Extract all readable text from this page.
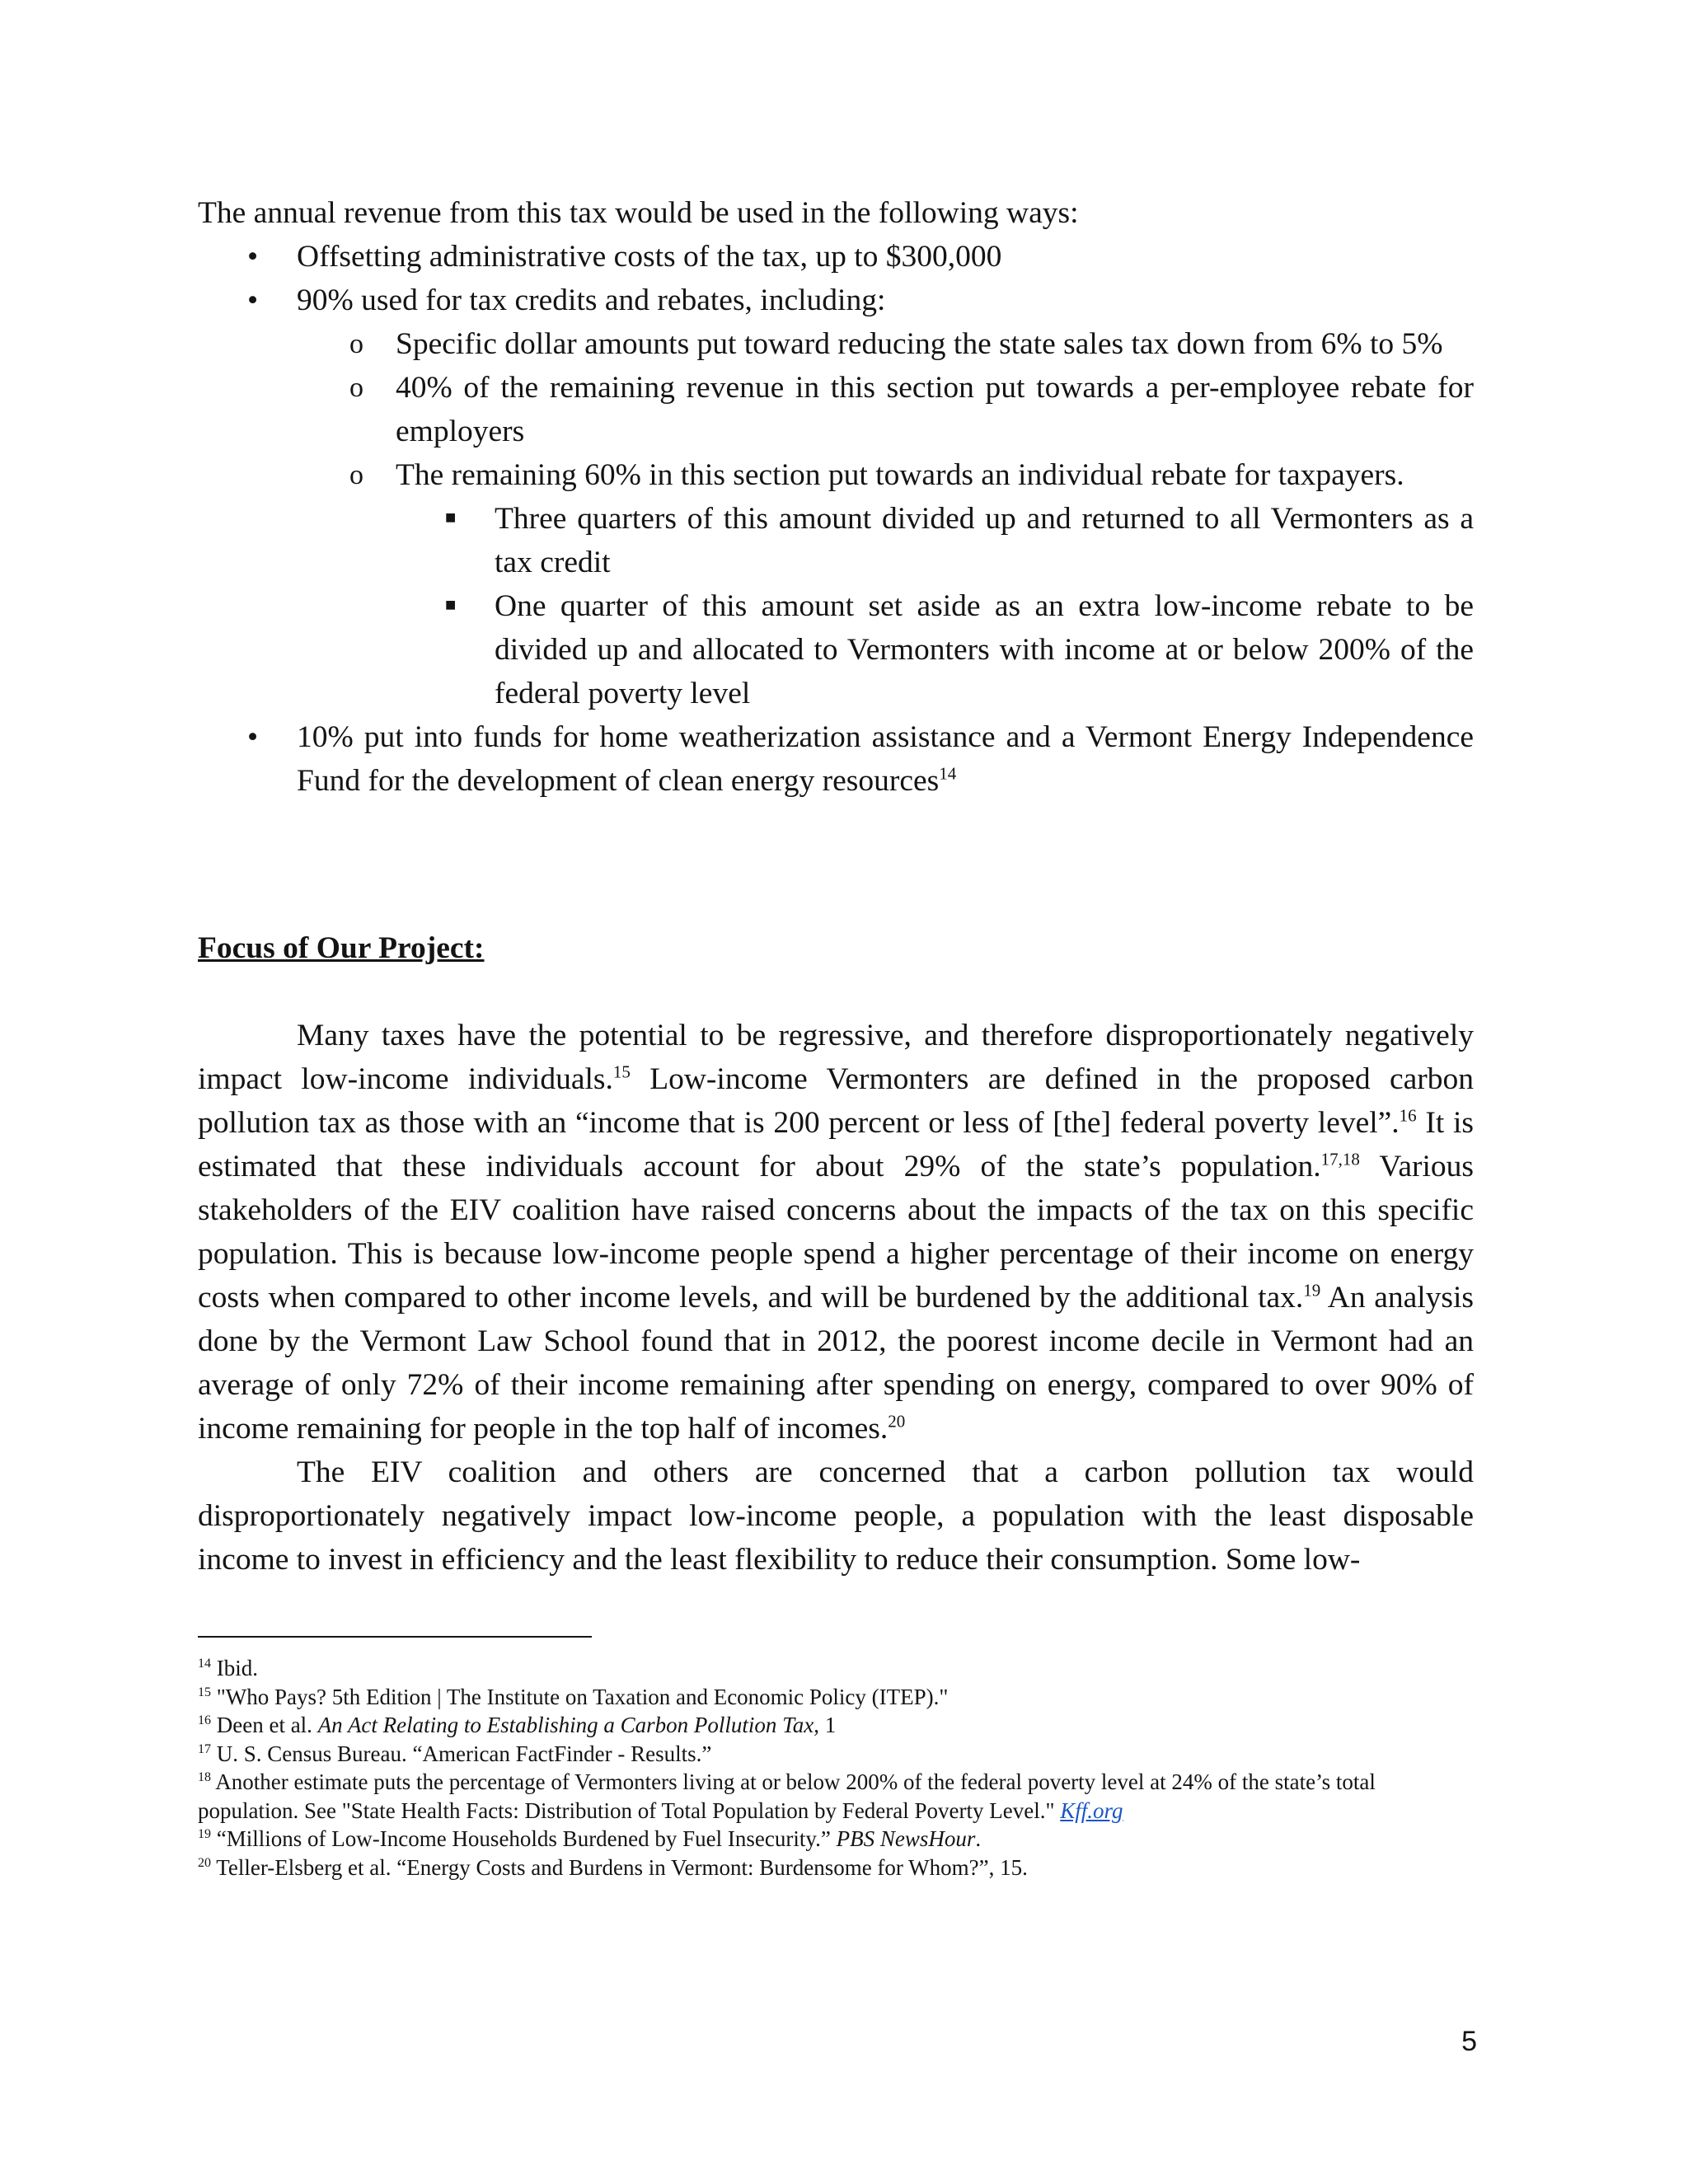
The annual revenue from this tax would be used in the following ways:

•	Offsetting administrative costs of the tax, up to $300,000
•	90% used for tax credits and rebates, including:
o	Specific dollar amounts put toward reducing the state sales tax down from 6% to 5%
o	40% of the remaining revenue in this section put towards a per-employee rebate for employers
o	The remaining 60% in this section put towards an individual rebate for taxpayers.
■	Three quarters of this amount divided up and returned to all Vermonters as a tax credit
■	One quarter of this amount set aside as an extra low-income rebate to be divided up and allocated to Vermonters with income at or below 200% of the federal poverty level
•	10% put into funds for home weatherization assistance and a Vermont Energy Independence Fund for the development of clean energy resources$^{14}$

Focus of Our Project:

Many taxes have the potential to be regressive, and therefore disproportionately negatively impact low-income individuals.$^{15}$ Low-income Vermonters are defined in the proposed carbon pollution tax as those with an “income that is 200 percent or less of [the] federal poverty level”.$^{16}$ It is estimated that these individuals account for about 29% of the state’s population.$^{17,18}$ Various stakeholders of the EIV coalition have raised concerns about the impacts of the tax on this specific population. This is because low-income people spend a higher percentage of their income on energy costs when compared to other income levels, and will be burdened by the additional tax.$^{19}$ An analysis done by the Vermont Law School found that in 2012, the poorest income decile in Vermont had an average of only 72% of their income remaining after spending on energy, compared to over 90% of income remaining for people in the top half of incomes.$^{20}$

The EIV coalition and others are concerned that a carbon pollution tax would disproportionately negatively impact low-income people, a population with the least disposable income to invest in efficiency and the least flexibility to reduce their consumption. Some low-

$^{14}$ Ibid.

$^{15}$ "Who Pays? 5th Edition | The Institute on Taxation and Economic Policy (ITEP)."

$^{16}$ Deen et al. An Act Relating to Establishing a Carbon Pollution Tax, 1

$^{17}$ U. S. Census Bureau. “American FactFinder - Results.”

$^{18}$ Another estimate puts the percentage of Vermonters living at or below 200% of the federal poverty level at 24% of the state’s total population. See "State Health Facts: Distribution of Total Population by Federal Poverty Level." Kff.org

$^{19}$ “Millions of Low-Income Households Burdened by Fuel Insecurity.” PBS NewsHour.

$^{20}$ Teller-Elsberg et al. “Energy Costs and Burdens in Vermont: Burdensome for Whom?”, 15.

5
